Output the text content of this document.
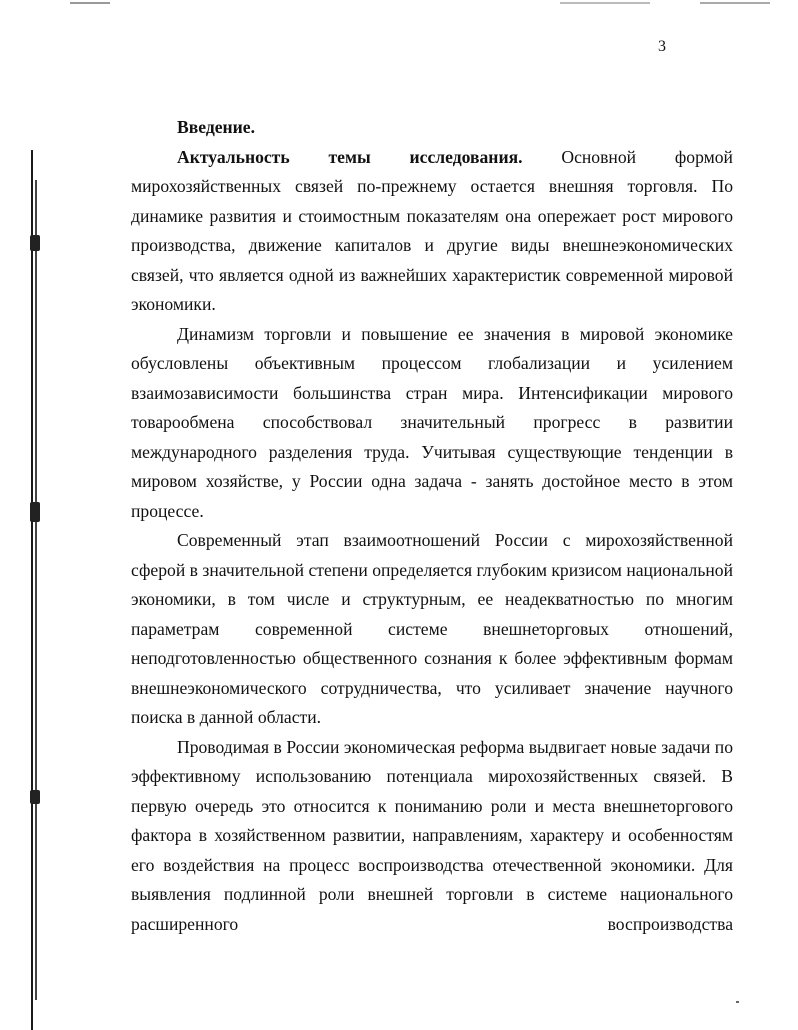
3

Введение.

Актуальность темы исследования. Основной формой мирохозяйственных связей по-прежнему остается внешняя торговля. По динамике развития и стоимостным показателям она опережает рост мирового производства, движение капиталов и другие виды внешнеэкономических связей, что является одной из важнейших характеристик современной мировой экономики.

Динамизм торговли и повышение ее значения в мировой экономике обусловлены объективным процессом глобализации и усилением взаимозависимости большинства стран мира. Интенсификации мирового товарообмена способствовал значительный прогресс в развитии международного разделения труда. Учитывая существующие тенденции в мировом хозяйстве, у России одна задача - занять достойное место в этом процессе.

Современный этап взаимоотношений России с мирохозяйственной сферой в значительной степени определяется глубоким кризисом национальной экономики, в том числе и структурным, ее неадекватностью по многим параметрам современной системе внешнеторговых отношений, неподготовленностью общественного сознания к более эффективным формам внешнеэкономического сотрудничества, что усиливает значение научного поиска в данной области.

Проводимая в России экономическая реформа выдвигает новые задачи по эффективному использованию потенциала мирохозяйственных связей. В первую очередь это относится к пониманию роли и места внешнеторгового фактора в хозяйственном развитии, направлениям, характеру и особенностям его воздействия на процесс воспроизводства отечественной экономики. Для выявления подлинной роли внешней торговли в системе национального расширенного воспроизводства
